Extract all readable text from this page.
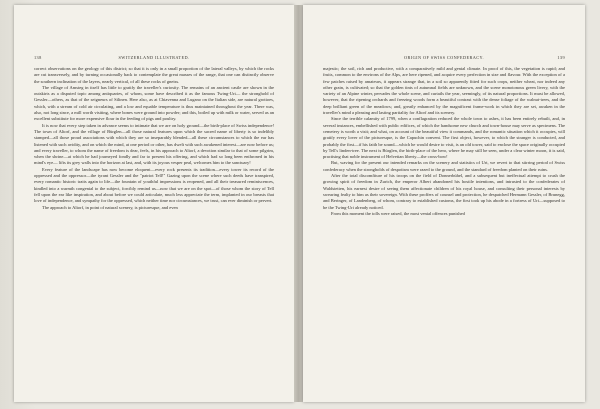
138	SWITZERLAND ILLUSTRATED.

correct observations on the geology of this district; so that it is only in a small proportion of the lateral valleys, by which the rocks are cut transversely, and by turning occasionally back to contemplate the great masses of the range, that one can distinctly observe the southern inclination of the layers, nearly vertical, of all these rocks of gneiss.

The village of Amsteg in itself has little to gratify the traveller's curiosity. The remains of an ancient castle are shown in the outskirts as a disputed topic among antiquaries, of whom, some have described it as the famous Twing-Uri— the stronghold of Gessler—others, as that of the seigneurs of Silinen. Here also, as at Chiavenna and Lugano on the Italian side, are natural grottoes, which, with a stream of cold air circulating, and a low and equable temperature is thus maintained throughout the year. There was, also, not long since, a mill worth visiting, where bones were ground into powder; and this, boiled up with milk or water, served as an excellent substitute for more expensive flour in the feeding of pigs and poultry.

It is now that every step taken in advance seems to intimate that we are on holy ground—the birth-place of Swiss independence! The town of Altorf, and the village of Bürglen—all those natural features upon which the sacred name of liberty is so indelibly stamped—all those proud associations with which they are so inseparably blended—all these circumstances to which the ear has listened with such avidity, and on which the mind, at one period or other, has dwelt with such awakened interest—are now before us; and every traveller, to whom the name of freedom is dear, feels, in his approach to Altorf, a devotion similar to that of some pilgrim, when the shrine—at which he had journeyed fondly and far to present his offering, and which had so long been enthroned in his mind's eye— lifts its grey walls into the horizon at last, and, with its joyous vesper peal, welcomes him to the sanctuary!

Every feature of the landscape has now become eloquent—every rock presents its tradition—every tower its record of the oppressed and the oppressor—the tyrant Gessler and the "patriot Tell!" Gazing upon the scene where such deeds have transpired, every romantic historic traits again to life—the fountain of youthful impressions is reopened, and all their treasured reminiscences, kindled into a warmth congenial to the subject, forcibly remind us—now that we are on the spot—of those whom the story of Tell fell upon the ear like inspiration, and about before we could articulate, much less appreciate the term, implanted in our breasts that love of independence, and sympathy for the oppressed, which neither time nor circumstances, we trust, can ever diminish or pervert.

The approach to Altorf, in point of natural scenery, is picturesque, and even

ORIGIN OF SWISS CONFEDERACY.	139

majestic; the soil, rich and productive, with a comparatively mild and genial climate. In proof of this, the vegetation is rapid; and fruits, common to the environs of the Alps, are here ripened, and acquire every perfection in size and flavour. With the exception of a few patches raised by amateurs, it appears strange that, in a soil so apparently fitted for such crops, neither wheat, nor indeed any other grain, is cultivated; so that the golden tints of autumnal fields are unknown, and the scene monotonous green livery, with the variety of an Alpine winter, pervades the whole scene, and curtails the year, seemingly, of its natural proportions. It must be allowed, however, that the ripening orchards and freezing woods form a beautiful contrast with the dense foliage of the walnut-trees, and the deep brilliant green of the meadows; and, greatly enhanced by the magnificent frame-work in which they are set, awaken in the traveller's mind a pleasing and lasting partiality for Altorf and its scenery.

Since the terrible calamity of 1799, when a conflagration reduced the whole town to ashes, it has been entirely rebuilt, and, in several instances, embellished with public edifices, of which the handsome new church and town-house may serve as specimens. The cemetery is worth a visit; and what, on account of the beautiful view it commands, and the romantic situation which it occupies, will gratify every lover of the picturesque, is the Capuchin convent. The first object, however, to which the stranger is conducted, and probably the first—if his faith be sound—which he would desire to visit, is an old tower, said to enclose the space originally occupied by Tell's linden-tree. The next is Bürglen, the birth-place of the hero, where he may still be seen, under a clear winter moon, it is said, practising that noble instrument of Helvetian liberty—the cross-bow!

But, waving for the present our intended remarks on the scenery and statistics of Uri, we revert to that stirring period of Swiss confederacy when the strongholds of despotism were razed to the ground, and the standard of freedom planted on their ruins.

After the total discomfiture of his troops on the field of Donnerbühel, and a subsequent but ineffectual attempt to crush the growing spirit of freedom in Zurich, the emperor Albert abandoned his hostile intentions, and intrusted to the confederates of Waldstetten, his earnest desire of seeing them affectionate children of his royal house, and consulting their personal interests by swearing fealty to him as their sovereign. With these proffers of counsel and protection, he despatched Hermann Gessler, of Brunegg, and Beringer, of Landenberg, of whom, contrary to established customs, the first took up his abode in a fortress of Uri—supposed to be the Twing-Uri already noticed.

From this moment the tolls were raised, the most venial offences punished
